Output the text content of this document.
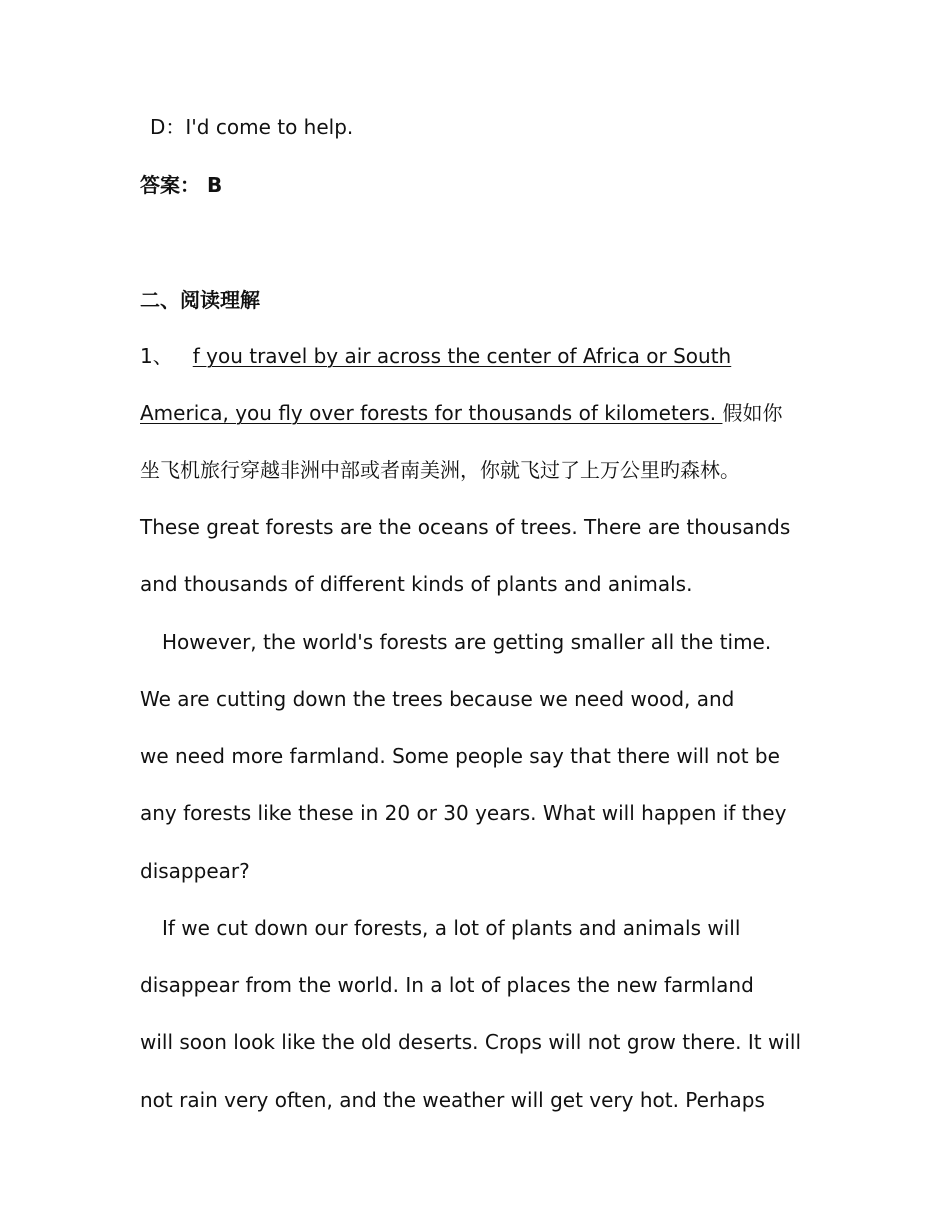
D：I'd come to help.
答案： B
二、阅读理解
1、 f you travel by air across the center of Africa or South
America, you fly over forests for thousands of kilometers. 假如你
坐飞机旅行穿越非洲中部或者南美洲，你就飞过了上万公里旳森林。
These great forests are the oceans of trees. There are thousands
and thousands of different kinds of plants and animals.
However, the world's forests are getting smaller all the time.
We are cutting down the trees because we need wood, and
we need more farmland. Some people say that there will not be
any forests like these in 20 or 30 years. What will happen if they
disappear?
If we cut down our forests, a lot of plants and animals will
disappear from the world. In a lot of places the new farmland
will soon look like the old deserts. Crops will not grow there. It will
not rain very often, and the weather will get very hot. Perhaps
